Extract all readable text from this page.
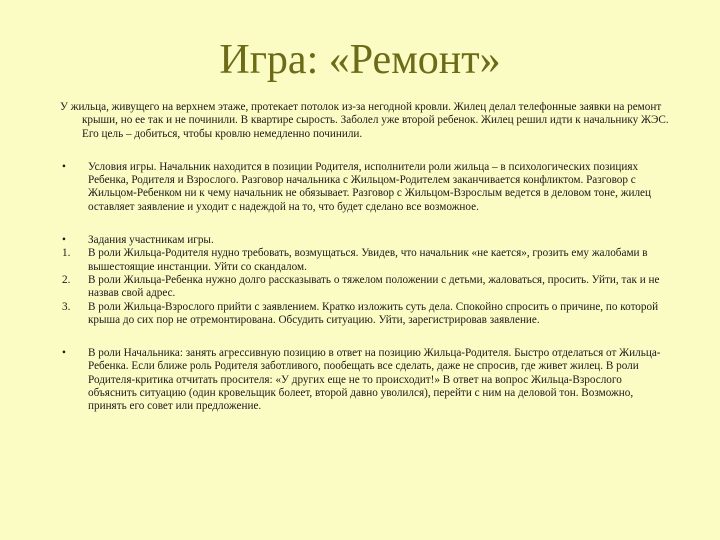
Игра: «Ремонт»
У жильца, живущего на верхнем этаже, протекает потолок из-за негодной кровли. Жилец делал телефонные заявки на ремонт крыши, но ее так и не починили. В квартире сырость. Заболел уже второй ребенок. Жилец решил идти к начальнику ЖЭС. Его цель – добиться, чтобы кровлю немедленно починили.
•	Условия игры. Начальник находится в позиции Родителя, исполнители роли жильца – в психологических позициях Ребенка, Родителя и Взрослого. Разговор начальника с Жильцом-Родителем заканчивается конфликтом. Разговор с Жильцом-Ребенком ни к чему начальник не обязывает. Разговор с Жильцом-Взрослым ведется в деловом тоне, жилец оставляет заявление и уходит с надеждой на то, что будет сделано все возможное.
•	Задания участникам игры.
1.	В роли Жильца-Родителя нудно требовать, возмущаться. Увидев, что начальник «не кается», грозить ему жалобами в вышестоящие инстанции. Уйти со скандалом.
2.	В роли Жильца-Ребенка нужно долго рассказывать о тяжелом положении с детьми, жаловаться, просить. Уйти, так и не назвав свой адрес.
3.	В роли Жильца-Взрослого прийти с заявлением. Кратко изложить суть дела. Спокойно спросить о причине, по которой крыша до сих пор не отремонтирована. Обсудить ситуацию. Уйти, зарегистрировав заявление.
•	В роли Начальника: занять агрессивную позицию в ответ на позицию Жильца-Родителя. Быстро отделаться от Жильца-Ребенка. Если ближе роль Родителя заботливого, пообещать все сделать, даже не спросив, где живет жилец. В роли Родителя-критика отчитать просителя: «У других еще не то происходит!» В ответ на вопрос Жильца-Взрослого объяснить ситуацию (один кровельщик болеет, второй давно уволился), перейти с ним на деловой тон. Возможно, принять его совет или предложение.
